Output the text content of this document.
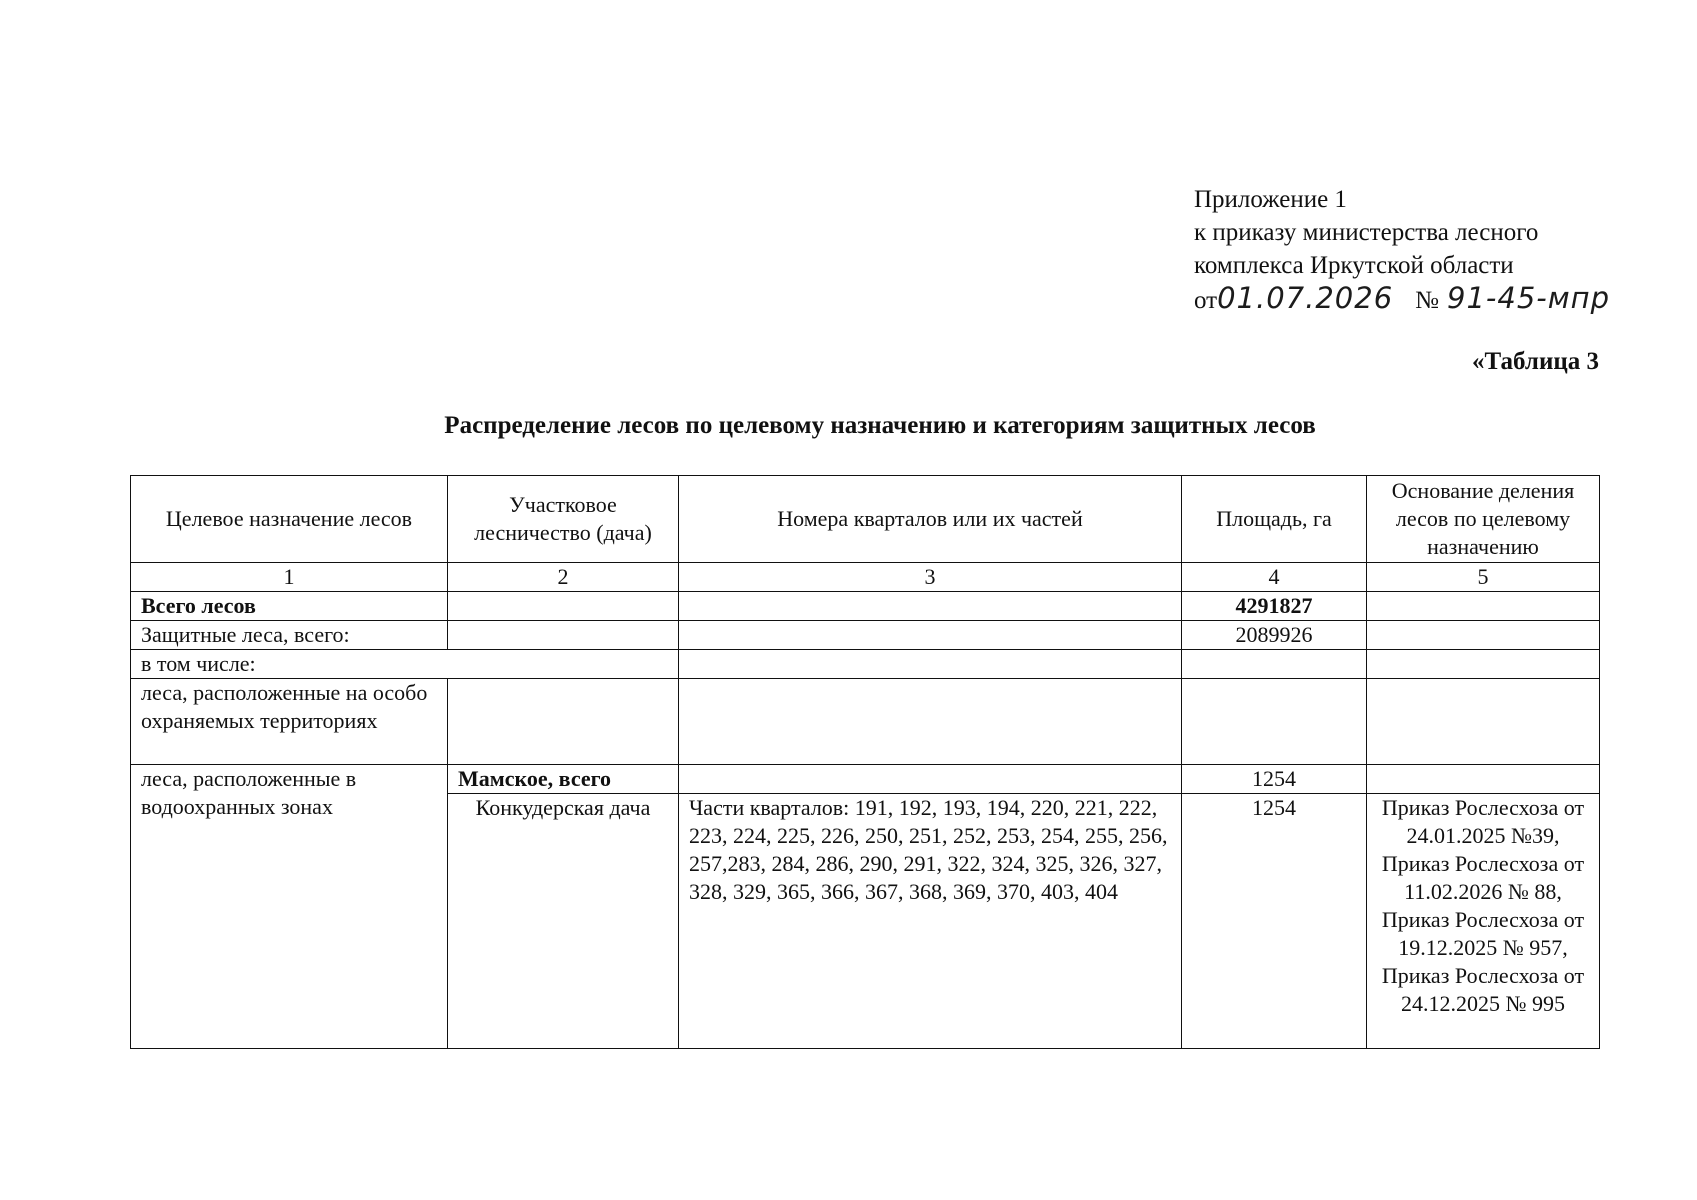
Приложение 1
к приказу министерства лесного
комплекса Иркутской области
от01.07.2026 № 91-45-мпр
«Таблица 3
Распределение лесов по целевому назначению и категориям защитных лесов
Целевое назначение лесов	Участковое лесничество (дача)	Номера кварталов или их частей	Площадь, га	Основание деления лесов по целевому назначению
1	2	3	4	5
Всего лесов			4291827	
Защитные леса, всего:			2089926	
в том числе:				
леса, расположенные на особо охраняемых территориях				
леса, расположенные в водоохранных зонах	Мамское, всего		1254	
	Конкудерская дача	Части кварталов: 191, 192, 193, 194, 220, 221, 222, 223, 224, 225, 226, 250, 251, 252, 253, 254, 255, 256, 257,283, 284, 286, 290, 291, 322, 324, 325, 326, 327, 328, 329, 365, 366, 367, 368, 369, 370, 403, 404	1254	Приказ Рослесхоза от 24.01.2025 №39, Приказ Рослесхоза от 11.02.2026 № 88, Приказ Рослесхоза от 19.12.2025 № 957, Приказ Рослесхоза от 24.12.2025 № 995
